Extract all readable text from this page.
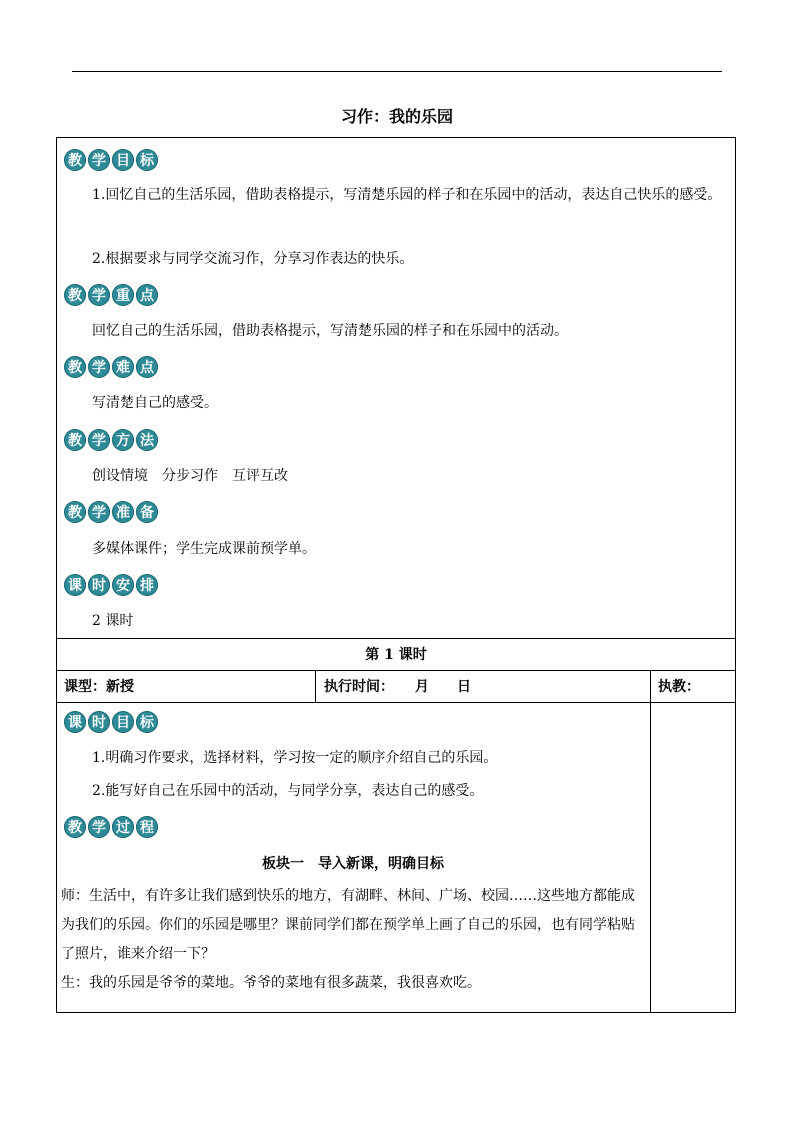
习作：我的乐园
教 学 目 标
1.回忆自己的生活乐园，借助表格提示，写清楚乐园的样子和在乐园中的活动，表达自己快乐的感受。
2.根据要求与同学交流习作，分享习作表达的快乐。
教 学 重 点
回忆自己的生活乐园，借助表格提示，写清楚乐园的样子和在乐园中的活动。
教 学 难 点
写清楚自己的感受。
教 学 方 法
创设情境　分步习作　互评互改
教 学 准 备
多媒体课件；学生完成课前预学单。
课 时 安 排
2 课时
第 1 课时
课型：新授	执行时间：　　月　　日	执教：
课 时 目 标
1.明确习作要求，选择材料，学习按一定的顺序介绍自己的乐园。
2.能写好自己在乐园中的活动，与同学分享，表达自己的感受。
教 学 过 程
板块一　导入新课，明确目标
师：生活中，有许多让我们感到快乐的地方，有湖畔、林间、广场、校园……这些地方都能成为我们的乐园。你们的乐园是哪里？课前同学们都在预学单上画了自己的乐园，也有同学粘贴了照片，谁来介绍一下？
生：我的乐园是爷爷的菜地。爷爷的菜地有很多蔬菜，我很喜欢吃。
